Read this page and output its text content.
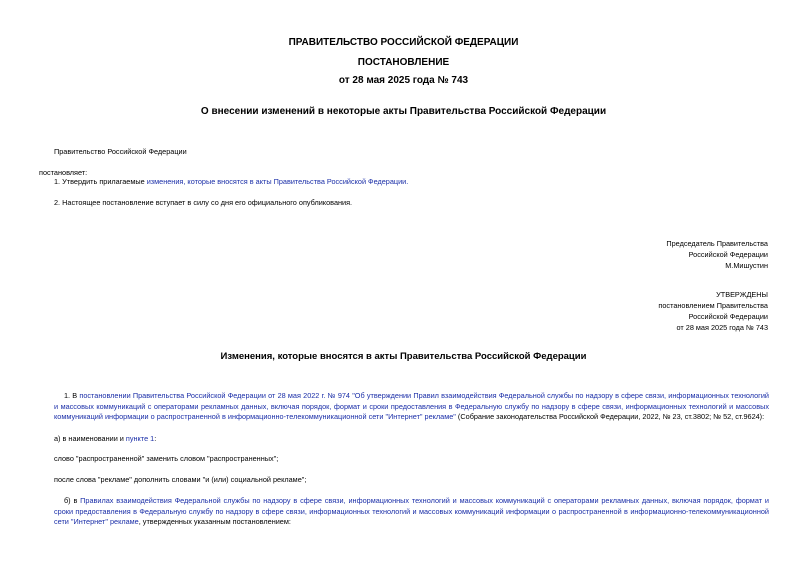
ПРАВИТЕЛЬСТВО РОССИЙСКОЙ ФЕДЕРАЦИИ
ПОСТАНОВЛЕНИЕ
от 28 мая 2025 года № 743
О внесении изменений в некоторые акты Правительства Российской Федерации
Правительство Российской Федерации
постановляет:
1. Утвердить прилагаемые изменения, которые вносятся в акты Правительства Российской Федерации.
2. Настоящее постановление вступает в силу со дня его официального опубликования.
Председатель Правительства
Российской Федерации
М.Мишустин
УТВЕРЖДЕНЫ
постановлением Правительства
Российской Федерации
от 28 мая 2025 года № 743
Изменения, которые вносятся в акты Правительства Российской Федерации
1. В постановлении Правительства Российской Федерации от 28 мая 2022 г. № 974 "Об утверждении Правил взаимодействия Федеральной службы по надзору в сфере связи, информационных технологий и массовых коммуникаций с операторами рекламных данных, включая порядок, формат и сроки предоставления в Федеральную службу по надзору в сфере связи, информационных технологий и массовых коммуникаций информации о распространенной в информационно-телекоммуникационной сети "Интернет" рекламе" (Собрание законодательства Российской Федерации, 2022, № 23, ст.3802; № 52, ст.9624):
а) в наименовании и пункте 1:
слово "распространенной" заменить словом "распространенных";
после слова "рекламе" дополнить словами "и (или) социальной рекламе";
б) в Правилах взаимодействия Федеральной службы по надзору в сфере связи, информационных технологий и массовых коммуникаций с операторами рекламных данных, включая порядок, формат и сроки предоставления в Федеральную службу по надзору в сфере связи, информационных технологий и массовых коммуникаций информации о распространенной в информационно-телекоммуникационной сети "Интернет" рекламе, утвержденных указанным постановлением:
